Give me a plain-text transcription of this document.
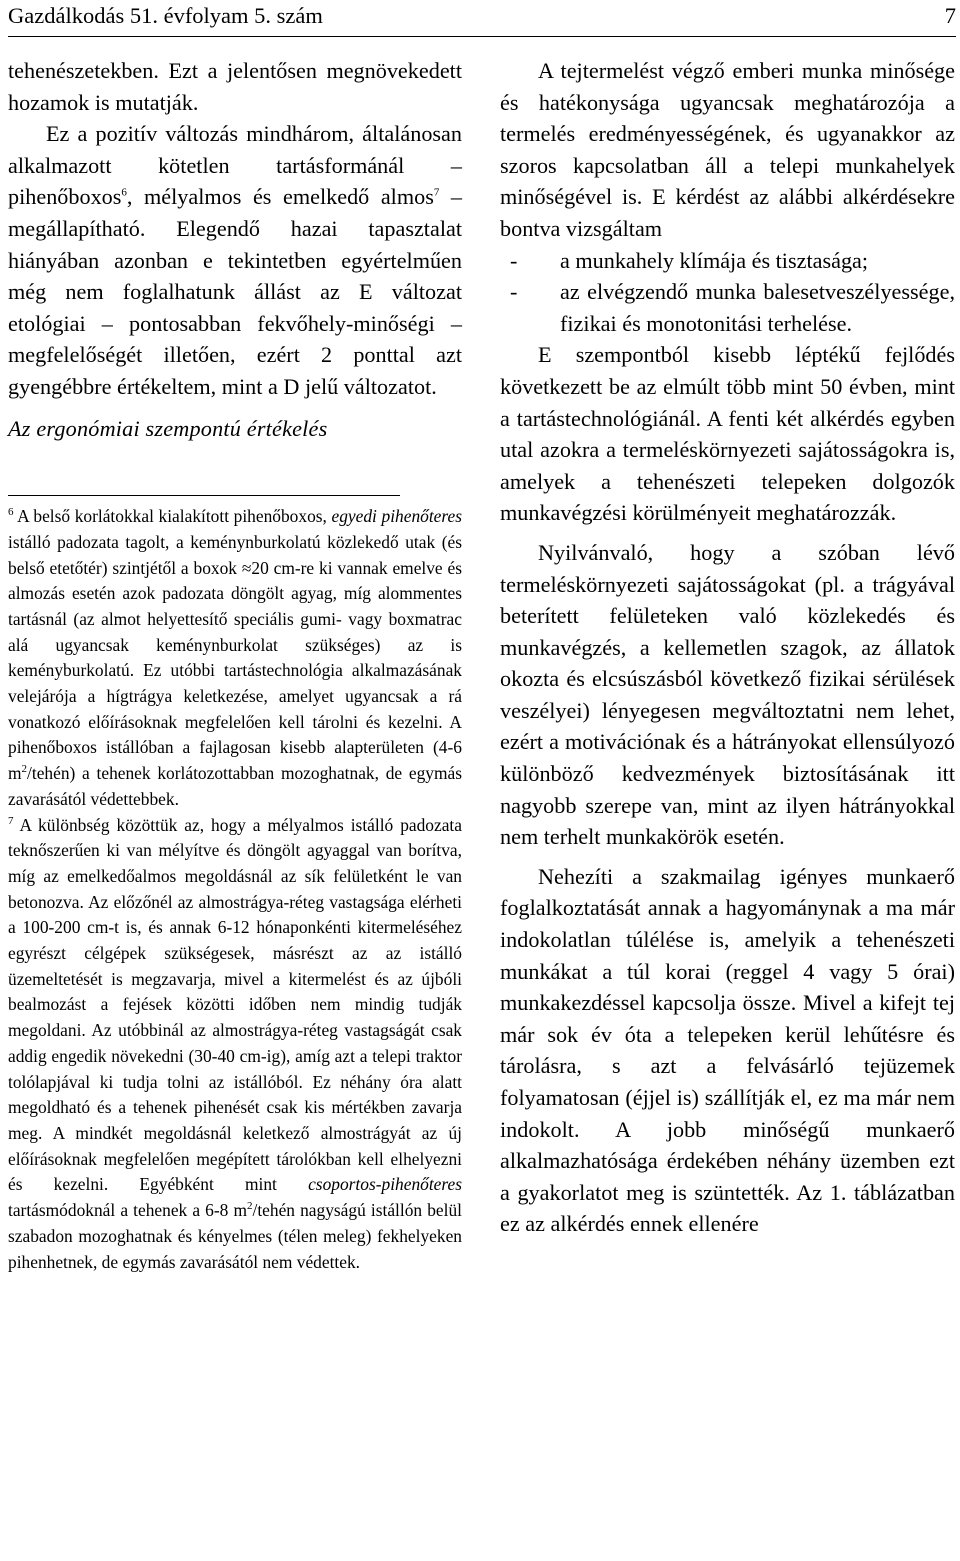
Gazdálkodás 51. évfolyam 5. szám	7

tehenészetekben. Ezt a jelentősen megnövekedett hozamok is mutatják.

Ez a pozitív változás mindhárom, általánosan alkalmazott kötetlen tartásformánál – pihenőboxos$^6$, mélyalmos és emelkedő almos$^7$ – megállapítható. Elegendő hazai tapasztalat hiányában azonban e tekintetben egyértelműen még nem foglalhatunk állást az E változat etológiai – pontosabban fekvőhely-minőségi – megfelelőségét illetően, ezért 2 ponttal azt gyengébbre értékeltem, mint a D jelű változatot.

Az ergonómiai szempontú értékelés

$^6$ A belső korlátokkal kialakított pihenőboxos, egyedi pihenőteres istálló padozata tagolt, a keménynburkolatú közlekedő utak (és belső etetőtér) szintjétől a boxok ≈20 cm-re ki vannak emelve és almozás esetén azok padozata döngölt agyag, míg alommentes tartásnál (az almot helyettesítő speciális gumi- vagy boxmatrac alá ugyancsak keménynburkolat szükséges) az is keményburkolatú. Ez utóbbi tartástechnológia alkalmazásának velejárója a hígtrágya keletkezése, amelyet ugyancsak a rá vonatkozó előírásoknak megfelelően kell tárolni és kezelni. A pihenőboxos istállóban a fajlagosan kisebb alapterületen (4-6 $m^2/tehén$) a tehenek korlátozottabban mozoghatnak, de egymás zavarásától védettebbek.

$^7$ A különbség közöttük az, hogy a mélyalmos istálló padozata teknőszerűen ki van mélyítve és döngölt agyaggal van borítva, míg az emelkedőalmos megoldásnál az sík felületként le van betonozva. Az előzőnél az almostrágya-réteg vastagsága elérheti a 100-200 cm-t is, és annak 6-12 hónaponkénti kitermeléséhez egyrészt célgépek szükségesek, másrészt az az istálló üzemeltetését is megzavarja, mivel a kitermelést és az újbóli bealmozást a fejések közötti időben nem mindig tudják megoldani. Az utóbbinál az almostrágya-réteg vastagságát csak addig engedik növekedni (30-40 cm-ig), amíg azt a telepi traktor tolólapjával ki tudja tolni az istállóból. Ez néhány óra alatt megoldható és a tehenek pihenését csak kis mértékben zavarja meg. A mindkét megoldásnál keletkező almostrágyát az új előírásoknak megfelelően megépített tárolókban kell elhelyezni és kezelni. Egyébként mint csoportos-pihenőteres tartásmódoknál a tehenek a 6-8 $m^2$/tehén nagyságú istállón belül szabadon mozoghatnak és kényelmes (télen meleg) fekhelyeken pihenhetnek, de egymás zavarásától nem védettek.

A tejtermelést végző emberi munka minősége és hatékonysága ugyancsak meghatározója a termelés eredményességének, és ugyanakkor az szoros kapcsolatban áll a telepi munkahelyek minőségével is. E kérdést az alábbi alkérdésekre bontva vizsgáltam

-	a munkahely klímája és tisztasága;
-	az elvégzendő munka balesetveszélyessége, fizikai és monotonitási terhelése.

E szempontból kisebb léptékű fejlődés következett be az elmúlt több mint 50 évben, mint a tartástechnológiánál. A fenti két alkérdés egyben utal azokra a termeléskörnyezeti sajátosságokra is, amelyek a tehenészeti telepeken dolgozók munkavégzési körülményeit meghatározzák.

Nyilvánvaló, hogy a szóban lévő termeléskörnyezeti sajátosságokat (pl. a trágyával beterített felületeken való közlekedés és munkavégzés, a kellemetlen szagok, az állatok okozta és elcsúszásból következő fizikai sérülések veszélyei) lényegesen megváltoztatni nem lehet, ezért a motivációnak és a hátrányokat ellensúlyozó különböző kedvezmények biztosításának itt nagyobb szerepe van, mint az ilyen hátrányokkal nem terhelt munkakörök esetén.

Nehezíti a szakmailag igényes munkaerő foglalkoztatását annak a hagyománynak a ma már indokolatlan túlélése is, amelyik a tehenészeti munkákat a túl korai (reggel 4 vagy 5 órai) munkakezdéssel kapcsolja össze. Mivel a kifejt tej már sok év óta a telepeken kerül lehűtésre és tárolásra, s azt a felvásárló tejüzemek folyamatosan (éjjel is) szállítják el, ez ma már nem indokolt. A jobb minőségű munkaerő alkalmazhatósága érdekében néhány üzemben ezt a gyakorlatot meg is szüntették. Az 1. táblázatban ez az alkérdés ennek ellenére
